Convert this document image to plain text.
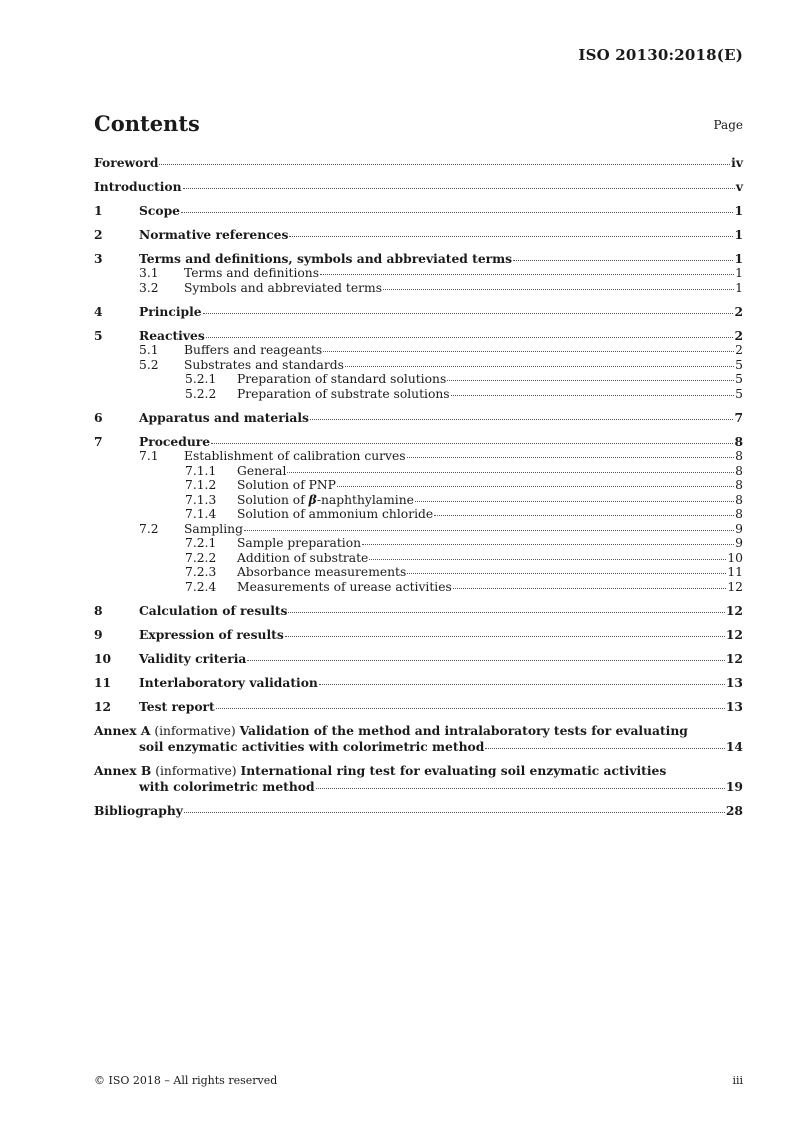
ISO 20130:2018(E)
Contents	Page
Foreword	iv
Introduction	v
1	Scope	1
2	Normative references	1
3	Terms and definitions, symbols and abbreviated terms	1
3.1	Terms and definitions	1
3.2	Symbols and abbreviated terms	1
4	Principle	2
5	Reactives	2
5.1	Buffers and reageants	2
5.2	Substrates and standards	5
5.2.1	Preparation of standard solutions	5
5.2.2	Preparation of substrate solutions	5
6	Apparatus and materials	7
7	Procedure	8
7.1	Establishment of calibration curves	8
7.1.1	General	8
7.1.2	Solution of PNP	8
7.1.3	Solution of β-naphthylamine	8
7.1.4	Solution of ammonium chloride	8
7.2	Sampling	9
7.2.1	Sample preparation	9
7.2.2	Addition of substrate	10
7.2.3	Absorbance measurements	11
7.2.4	Measurements of urease activities	12
8	Calculation of results	12
9	Expression of results	12
10	Validity criteria	12
11	Interlaboratory validation	13
12	Test report	13
Annex A (informative) Validation of the method and intralaboratory tests for evaluating
soil enzymatic activities with colorimetric method	14
Annex B (informative) International ring test for evaluating soil enzymatic activities
with colorimetric method	19
Bibliography	28
© ISO 2018 – All rights reserved	iii
